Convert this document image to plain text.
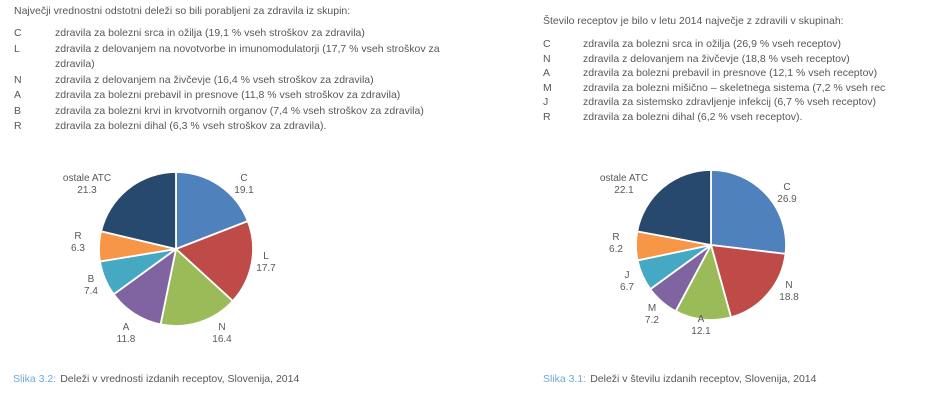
Največji vrednostni odstotni deleži so bili porabljeni za zdravila iz skupin:

C	zdravila za bolezni srca in ožilja (19,1 % vseh stroškov za zdravila)
L	zdravila z delovanjem na novotvorbe in imunomodulatorji (17,7 % vseh stroškov za zdravila)
N	zdravila z delovanjem na živčevje (16,4 % vseh stroškov za zdravila)
A	zdravila za bolezni prebavil in presnove (11,8 % vseh stroškov za zdravila)
B	zdravila za bolezni krvi in krvotvornih organov (7,4 % vseh stroškov za zdravila)
R	zdravila za bolezni dihal (6,3 % vseh stroškov za zdravila).
C 19.1
L 17.7
N 16.4
A 11.8
B 7.4
R 6.3
ostale ATC 21.3

Slika 3.2: Deleži v vrednosti izdanih receptov, Slovenija, 2014

Število receptov je bilo v letu 2014 največje z zdravili v skupinah:

C	zdravila za bolezni srca in ožilja (26,9 % vseh receptov)
N	zdravila z delovanjem na živčevje (18,8 % vseh receptov)
A	zdravila za bolezni prebavil in presnove (12,1 % vseh receptov)
M	zdravila za bolezni mišično – skeletnega sistema (7,2 % vseh rec
J	zdravila za sistemsko zdravljenje infekcij (6,7 % vseh receptov)
R	zdravila za bolezni dihal (6,2 % vseh receptov).
C 26.9
N 18.8
A 12.1
M 7.2
J 6.7
R 6.2
ostale ATC 22.1

Slika 3.1: Deleži v številu izdanih receptov, Slovenija, 2014
